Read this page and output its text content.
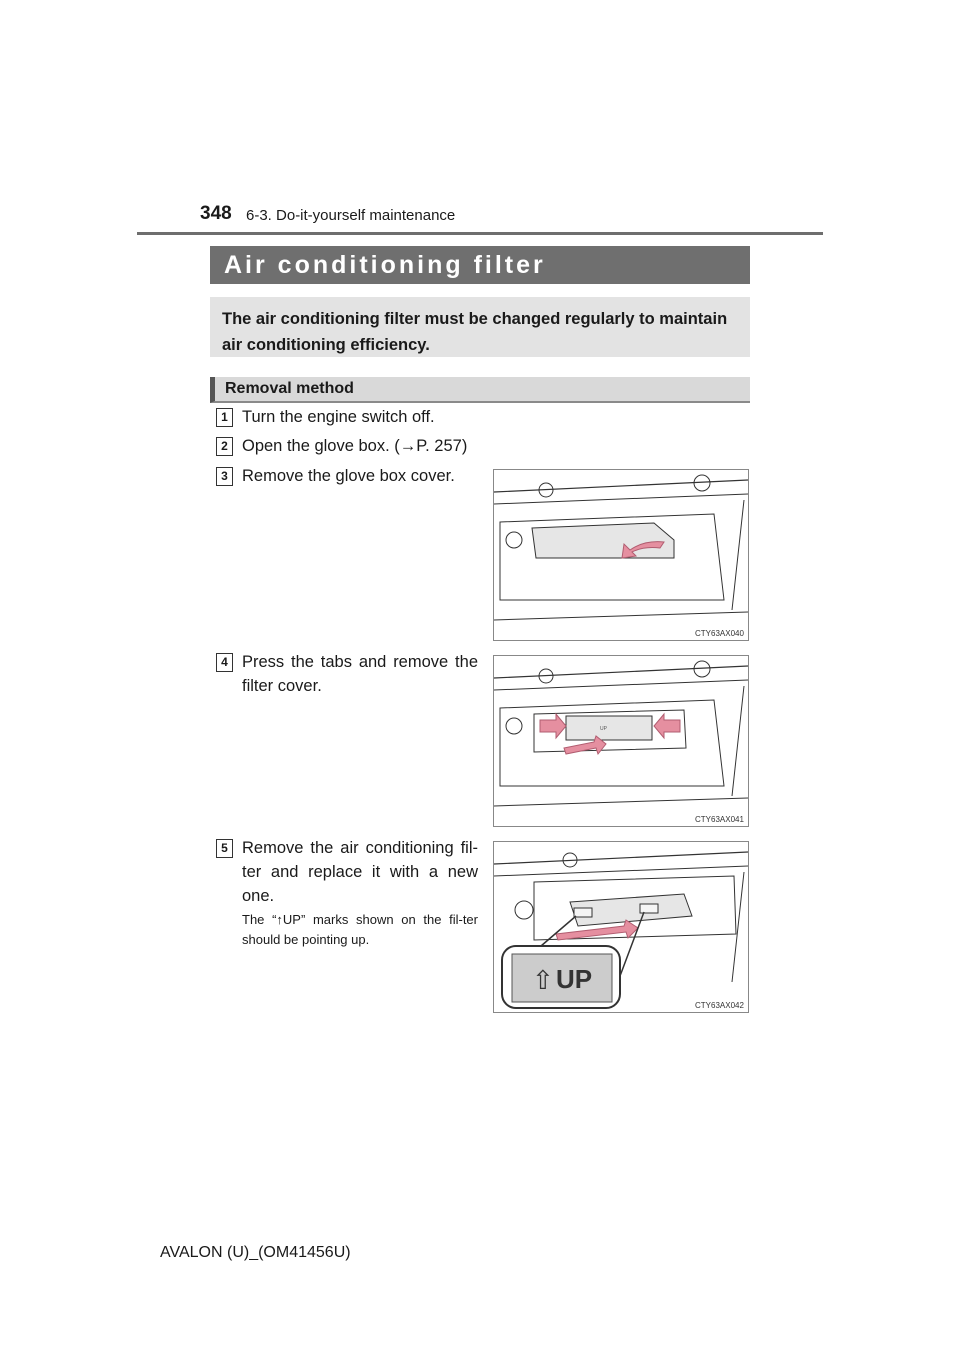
348 6-3. Do-it-yourself maintenance
Air conditioning filter
The air conditioning filter must be changed regularly to maintain air conditioning efficiency.
Removal method
1 Turn the engine switch off.
2 Open the glove box. (→P. 257)
3 Remove the glove box cover.
4 Press the tabs and remove the filter cover.
5 Remove the air conditioning fil-ter and replace it with a new one.
The “↑UP” marks shown on the fil-ter should be pointing up.
CTY63AX040
UP
CTY63AX041
⇧ UP
CTY63AX042
AVALON (U)_(OM41456U)
